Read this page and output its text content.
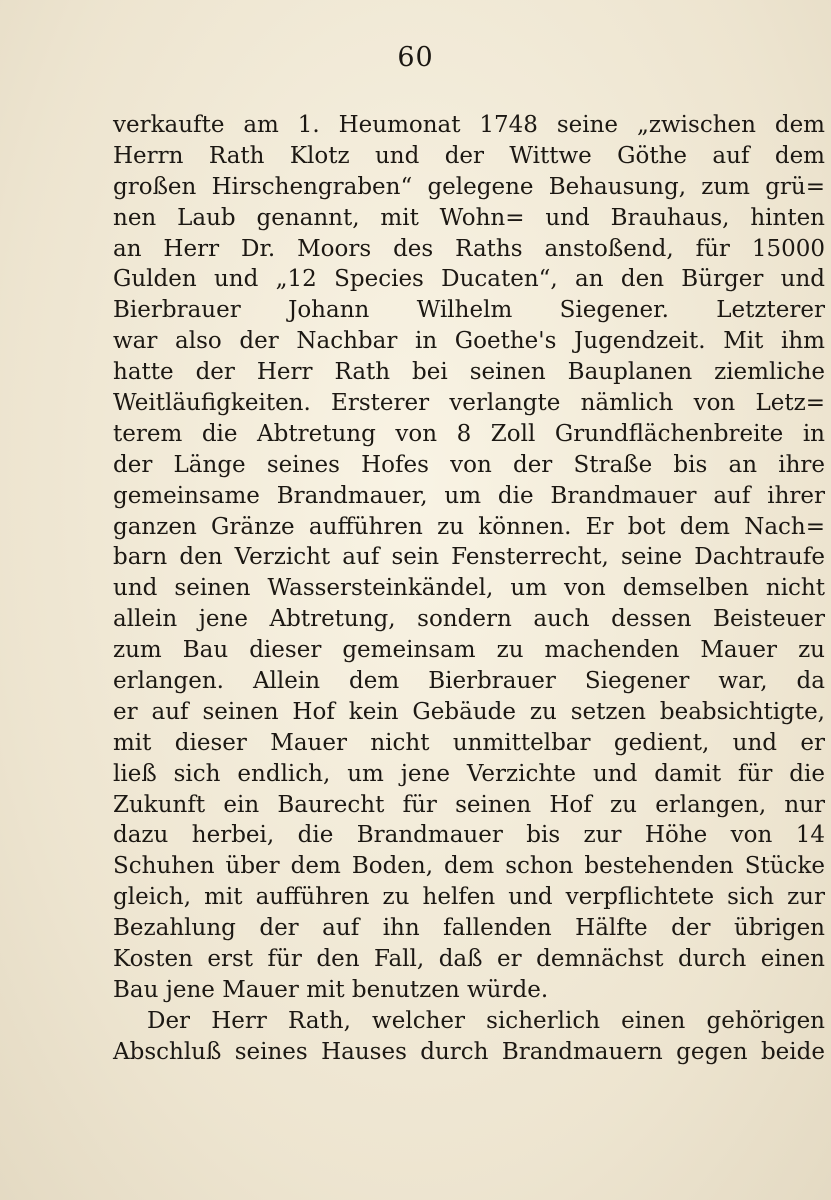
60
verkaufte am 1. Heumonat 1748 seine „zwischen dem
Herrn Rath Klotz und der Wittwe Göthe auf dem
großen Hirschengraben“ gelegene Behausung, zum grü=
nen Laub genannt, mit Wohn= und Brauhaus, hinten
an Herr Dr. Moors des Raths anstoßend, für 15000
Gulden und „12 Species Ducaten“, an den Bürger und
Bierbrauer Johann Wilhelm Siegener. Letzterer
war also der Nachbar in Goethe's Jugendzeit. Mit ihm
hatte der Herr Rath bei seinen Bauplanen ziemliche
Weitläufigkeiten. Ersterer verlangte nämlich von Letz=
terem die Abtretung von 8 Zoll Grundflächenbreite in
der Länge seines Hofes von der Straße bis an ihre
gemeinsame Brandmauer, um die Brandmauer auf ihrer
ganzen Gränze aufführen zu können. Er bot dem Nach=
barn den Verzicht auf sein Fensterrecht, seine Dachtraufe
und seinen Wassersteinkändel, um von demselben nicht
allein jene Abtretung, sondern auch dessen Beisteuer
zum Bau dieser gemeinsam zu machenden Mauer zu
erlangen. Allein dem Bierbrauer Siegener war, da
er auf seinen Hof kein Gebäude zu setzen beabsichtigte,
mit dieser Mauer nicht unmittelbar gedient, und er
ließ sich endlich, um jene Verzichte und damit für die
Zukunft ein Baurecht für seinen Hof zu erlangen, nur
dazu herbei, die Brandmauer bis zur Höhe von 14
Schuhen über dem Boden, dem schon bestehenden Stücke
gleich, mit aufführen zu helfen und verpflichtete sich zur
Bezahlung der auf ihn fallenden Hälfte der übrigen
Kosten erst für den Fall, daß er demnächst durch einen
Bau jene Mauer mit benutzen würde.
Der Herr Rath, welcher sicherlich einen gehörigen
Abschluß seines Hauses durch Brandmauern gegen beide
